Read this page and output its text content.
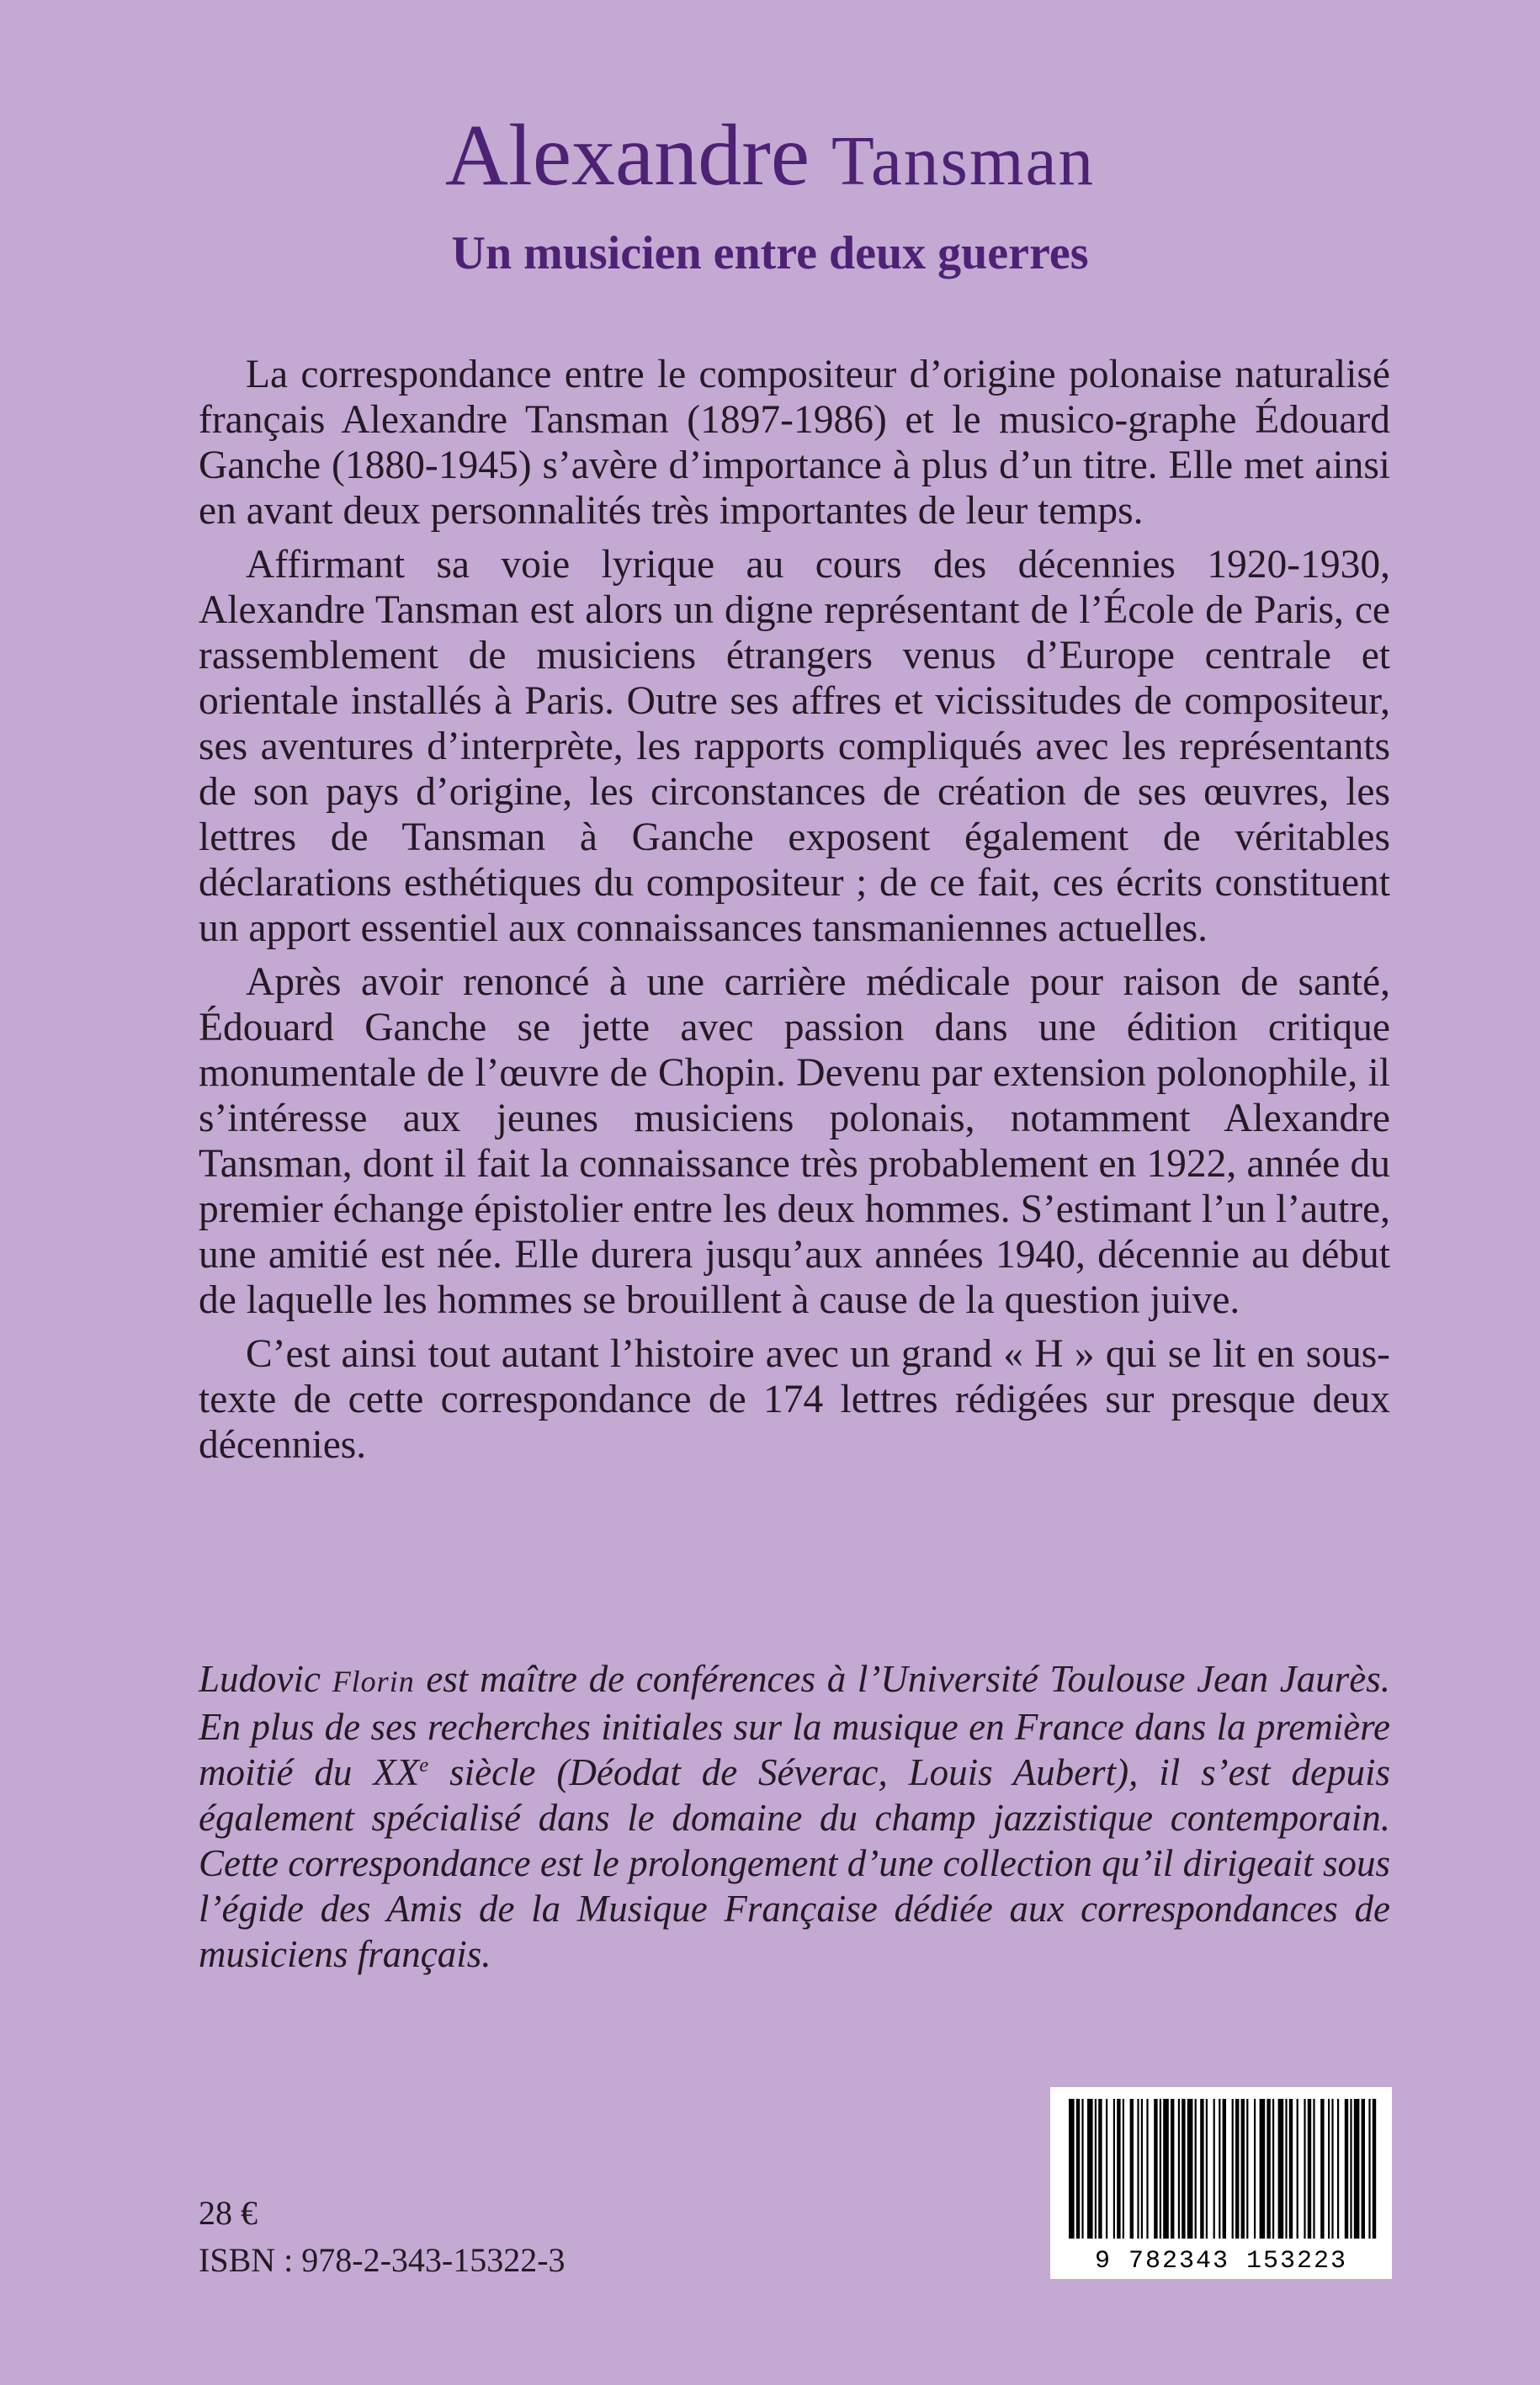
Alexandre Tansman
Un musicien entre deux guerres

La correspondance entre le compositeur d’origine polonaise naturalisé français Alexandre Tansman (1897-1986) et le musico-graphe Édouard Ganche (1880-1945) s’avère d’importance à plus d’un titre. Elle met ainsi en avant deux personnalités très importantes de leur temps.

Affirmant sa voie lyrique au cours des décennies 1920-1930, Alexandre Tansman est alors un digne représentant de l’École de Paris, ce rassemblement de musiciens étrangers venus d’Europe centrale et orientale installés à Paris. Outre ses affres et vicissitudes de compositeur, ses aventures d’interprète, les rapports compliqués avec les représentants de son pays d’origine, les circonstances de création de ses œuvres, les lettres de Tansman à Ganche exposent également de véritables déclarations esthétiques du compositeur ; de ce fait, ces écrits constituent un apport essentiel aux connaissances tansmaniennes actuelles.

Après avoir renoncé à une carrière médicale pour raison de santé, Édouard Ganche se jette avec passion dans une édition critique monumentale de l’œuvre de Chopin. Devenu par extension polonophile, il s’intéresse aux jeunes musiciens polonais, notamment Alexandre Tansman, dont il fait la connaissance très probablement en 1922, année du premier échange épistolier entre les deux hommes. S’estimant l’un l’autre, une amitié est née. Elle durera jusqu’aux années 1940, décennie au début de laquelle les hommes se brouillent à cause de la question juive.

C’est ainsi tout autant l’histoire avec un grand « H » qui se lit en sous-texte de cette correspondance de 174 lettres rédigées sur presque deux décennies.

Ludovic Florin est maître de conférences à l’Université Toulouse Jean Jaurès. En plus de ses recherches initiales sur la musique en France dans la première moitié du XXe siècle (Déodat de Séverac, Louis Aubert), il s’est depuis également spécialisé dans le domaine du champ jazzistique contemporain. Cette correspondance est le prolongement d’une collection qu’il dirigeait sous l’égide des Amis de la Musique Française dédiée aux correspondances de musiciens français.
28 €
ISBN : 978-2-343-15322-3	9 782343 153223
